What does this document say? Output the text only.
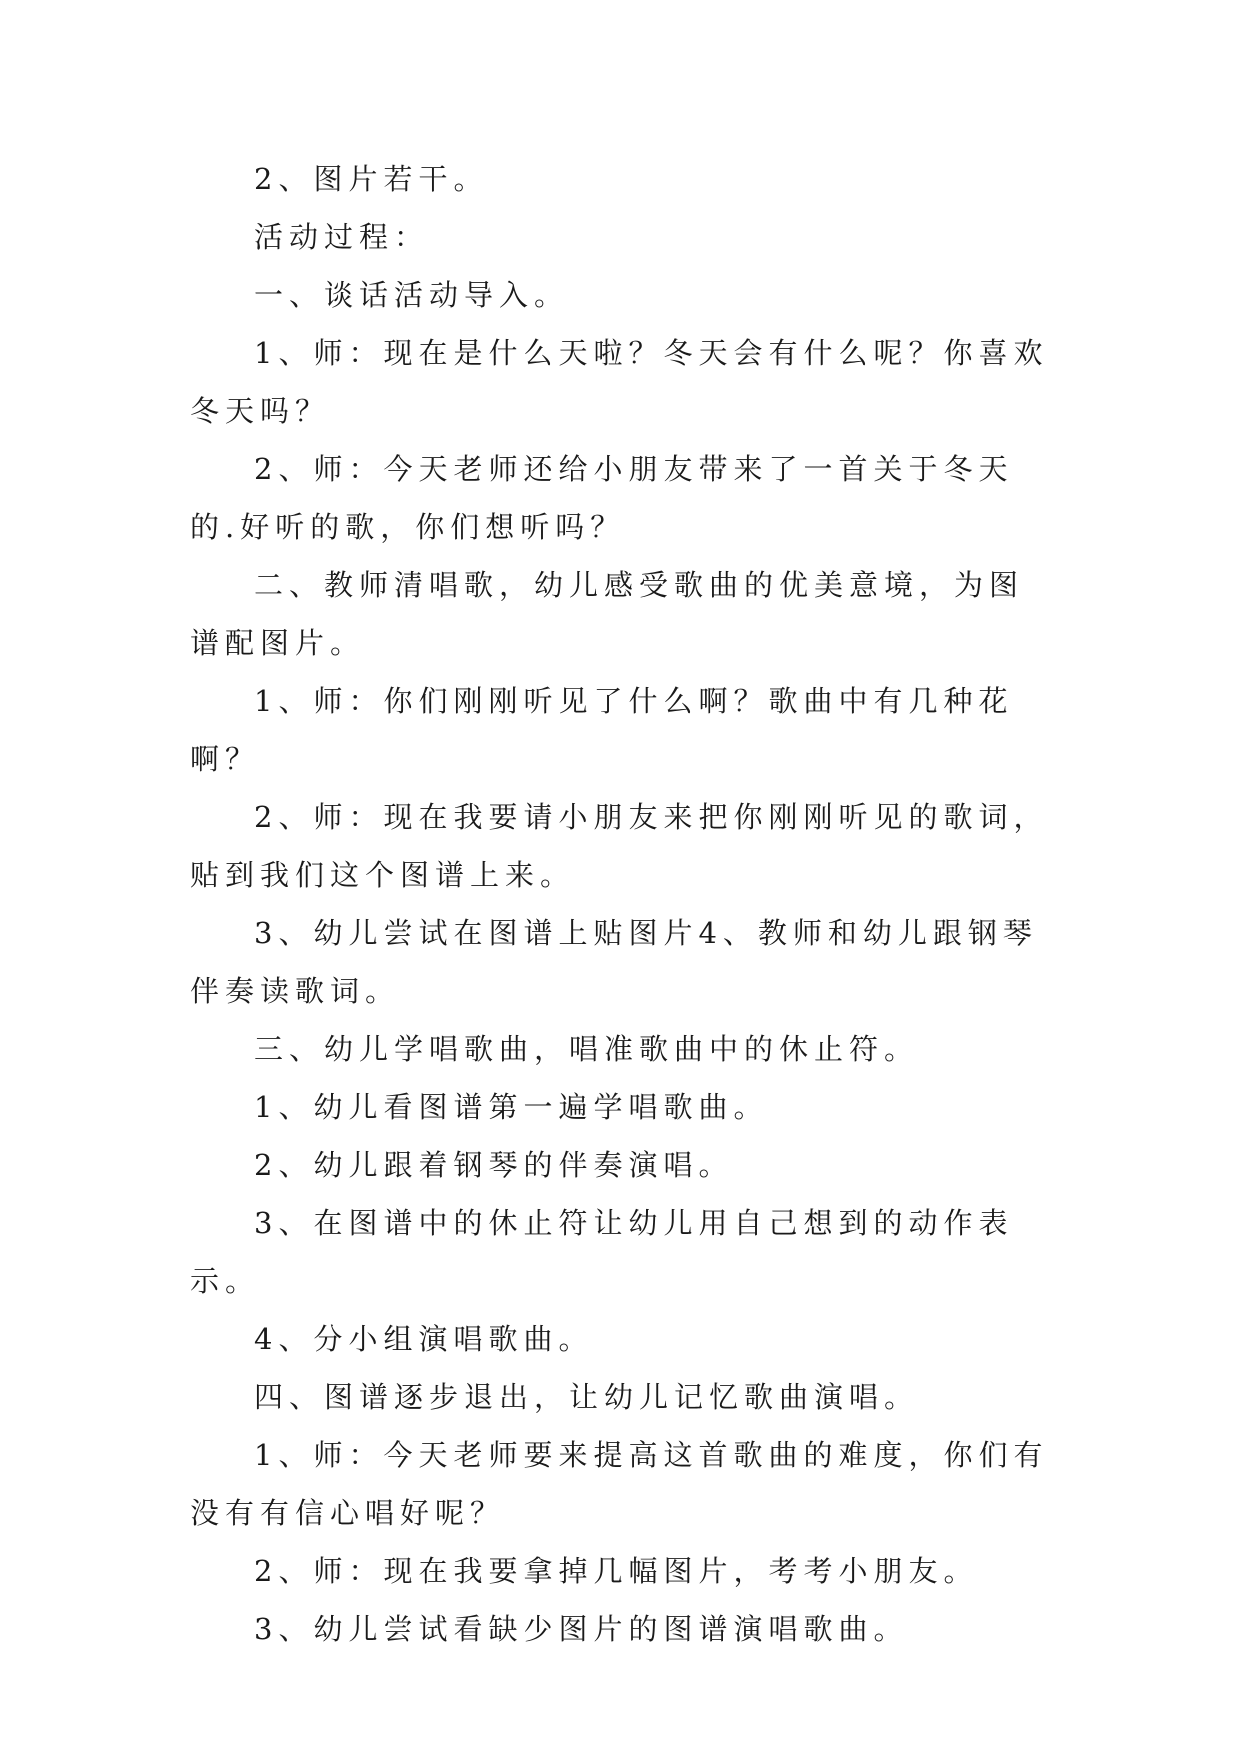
2、图片若干。

活动过程：

一、谈话活动导入。

1、师：现在是什么天啦？冬天会有什么呢？你喜欢冬天吗？

2、师：今天老师还给小朋友带来了一首关于冬天的.好听的歌，你们想听吗？

二、教师清唱歌，幼儿感受歌曲的优美意境，为图谱配图片。

1、师：你们刚刚听见了什么啊？歌曲中有几种花啊？

2、师：现在我要请小朋友来把你刚刚听见的歌词，贴到我们这个图谱上来。

3、幼儿尝试在图谱上贴图片4、教师和幼儿跟钢琴伴奏读歌词。

三、幼儿学唱歌曲，唱准歌曲中的休止符。

1、幼儿看图谱第一遍学唱歌曲。

2、幼儿跟着钢琴的伴奏演唱。

3、在图谱中的休止符让幼儿用自己想到的动作表示。

4、分小组演唱歌曲。

四、图谱逐步退出，让幼儿记忆歌曲演唱。

1、师：今天老师要来提高这首歌曲的难度，你们有没有有信心唱好呢？

2、师：现在我要拿掉几幅图片，考考小朋友。

3、幼儿尝试看缺少图片的图谱演唱歌曲。
